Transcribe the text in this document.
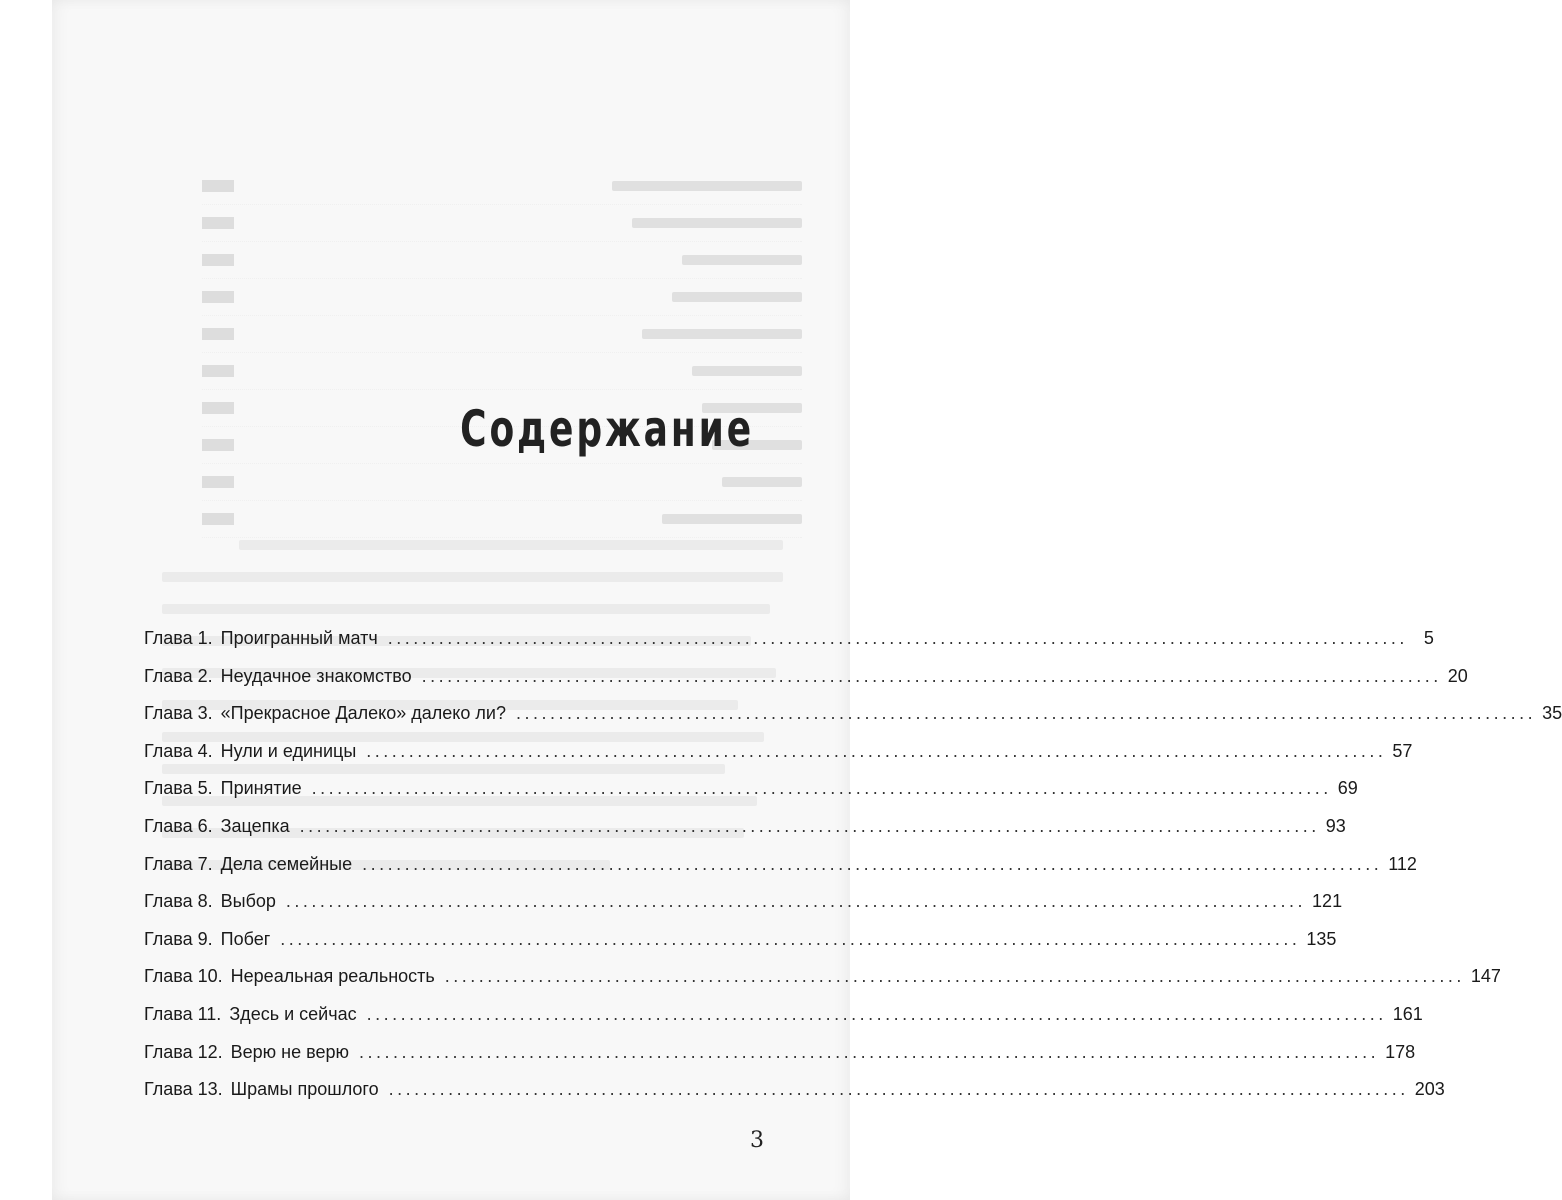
Содержание
Глава 1. Проигранный матч ........................................................................................................................ 5
Глава 2. Неудачное знакомство ........................................................................................................................ 20
Глава 3. «Прекрасное Далеко» далеко ли? ........................................................................................................................ 35
Глава 4. Нули и единицы ........................................................................................................................ 57
Глава 5. Принятие ........................................................................................................................ 69
Глава 6. Зацепка ........................................................................................................................ 93
Глава 7. Дела семейные ........................................................................................................................ 112
Глава 8. Выбор ........................................................................................................................ 121
Глава 9. Побег ........................................................................................................................ 135
Глава 10. Нереальная реальность ........................................................................................................................ 147
Глава 11. Здесь и сейчас ........................................................................................................................ 161
Глава 12. Верю не верю ........................................................................................................................ 178
Глава 13. Шрамы прошлого ........................................................................................................................ 203
3
